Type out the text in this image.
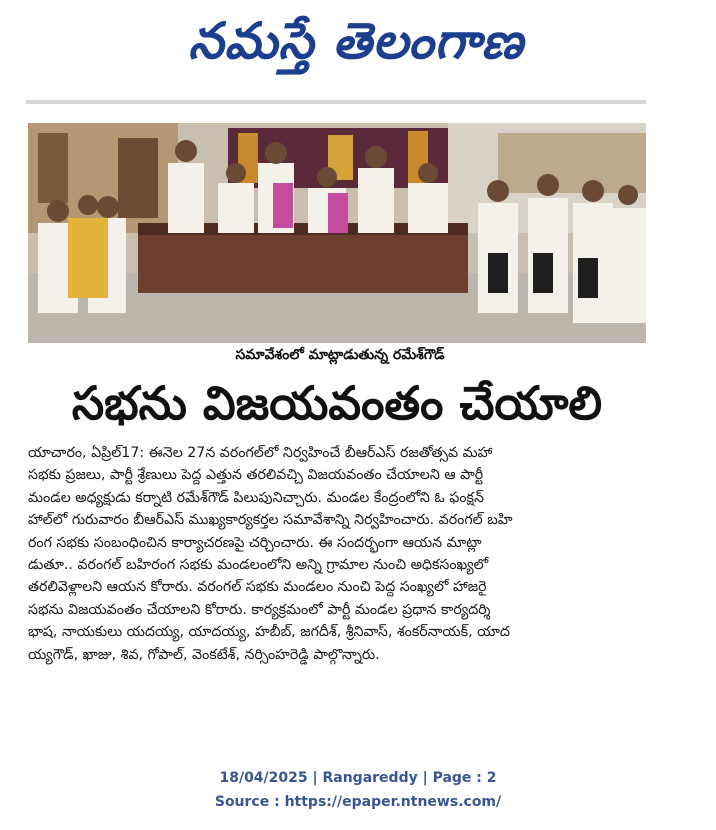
నమస్తే తెలంగాణ
సమావేశంలో మాట్లాడుతున్న రమేశ్‌గౌడ్
సభను విజయవంతం చేయాలి
యాచారం, ఏప్రిల్17: ఈనెల 27న వరంగల్‌లో నిర్వహించే బీఆర్‌ఎస్ రజతోత్సవ మహా
సభకు ప్రజలు, పార్టీ శ్రేణులు పెద్ద ఎత్తున తరలివచ్చి విజయవంతం చేయాలని ఆ పార్టీ
మండల అధ్యక్షుడు కర్నాటి రమేశ్‌గౌడ్ పిలుపునిచ్చారు. మండల కేంద్రంలోని ఓ ఫంక్షన్
హాల్‌లో గురువారం బీఆర్‌ఎస్ ముఖ్యకార్యకర్తల సమావేశాన్ని నిర్వహించారు. వరంగల్ బహి
రంగ సభకు సంబంధించిన కార్యాచరణపై చర్చించారు. ఈ సందర్భంగా ఆయన మాట్లా
డుతూ.. వరంగల్ బహిరంగ సభకు మండలంలోని అన్ని గ్రామాల నుంచి అధికసంఖ్యలో
తరలివెళ్లాలని ఆయన కోరారు. వరంగల్ సభకు మండలం నుంచి పెద్ద సంఖ్యలో హాజరై
సభను విజయవంతం చేయాలని కోరారు. కార్యక్రమంలో పార్టీ మండల ప్రధాన కార్యదర్శి
భాష, నాయకులు యదయ్య, యాదయ్య, హబీబ్, జగదీశ్, శ్రీనివాస్, శంకర్‌నాయక్, యాద
య్యగౌడ్, ఖాజు, శివ, గోపాల్, వెంకటేశ్, నర్సింహరెడ్డి పాల్గొన్నారు.
18/04/2025 | Rangareddy | Page : 2
Source : https://epaper.ntnews.com/
